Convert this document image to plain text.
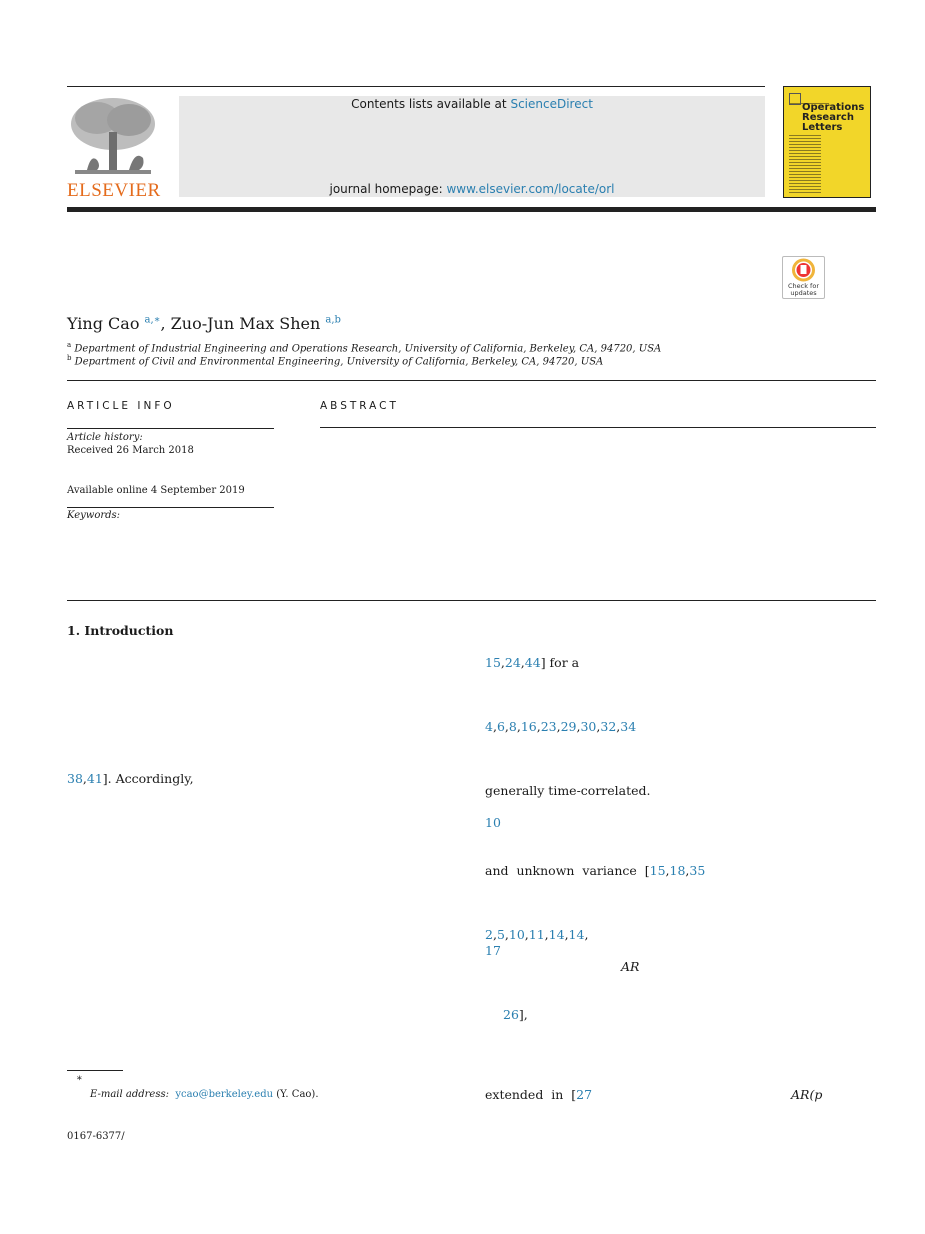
ELSEVIER
Contents lists available at ScienceDirect
journal homepage: www.elsevier.com/locate/orl
Operations Research Letters
Check for updates
Ying Cao $^{a,∗}$, Zuo-Jun Max Shen $^{a,b}$
$^a$ Department of Industrial Engineering and Operations Research, University of California, Berkeley, CA, 94720, USA
$^b$ Department of Civil and Environmental Engineering, University of California, Berkeley, CA, 94720, USA
ARTICLE INFO
Article history:
Received 26 March 2018
Available online 4 September 2019
Keywords:
ABSTRACT
1. Introduction
38,41]. Accordingly,
15,24,44] for a
4,6,8,16,23,29,30,32,34
generally time-correlated.
10
and  unknown  variance  [15,18,35
2,5,10,11,14,14,
17
AR
26],
extended  in  [27	AR(p
∗
E-mail address: ycao@berkeley.edu (Y. Cao).
0167-6377/
